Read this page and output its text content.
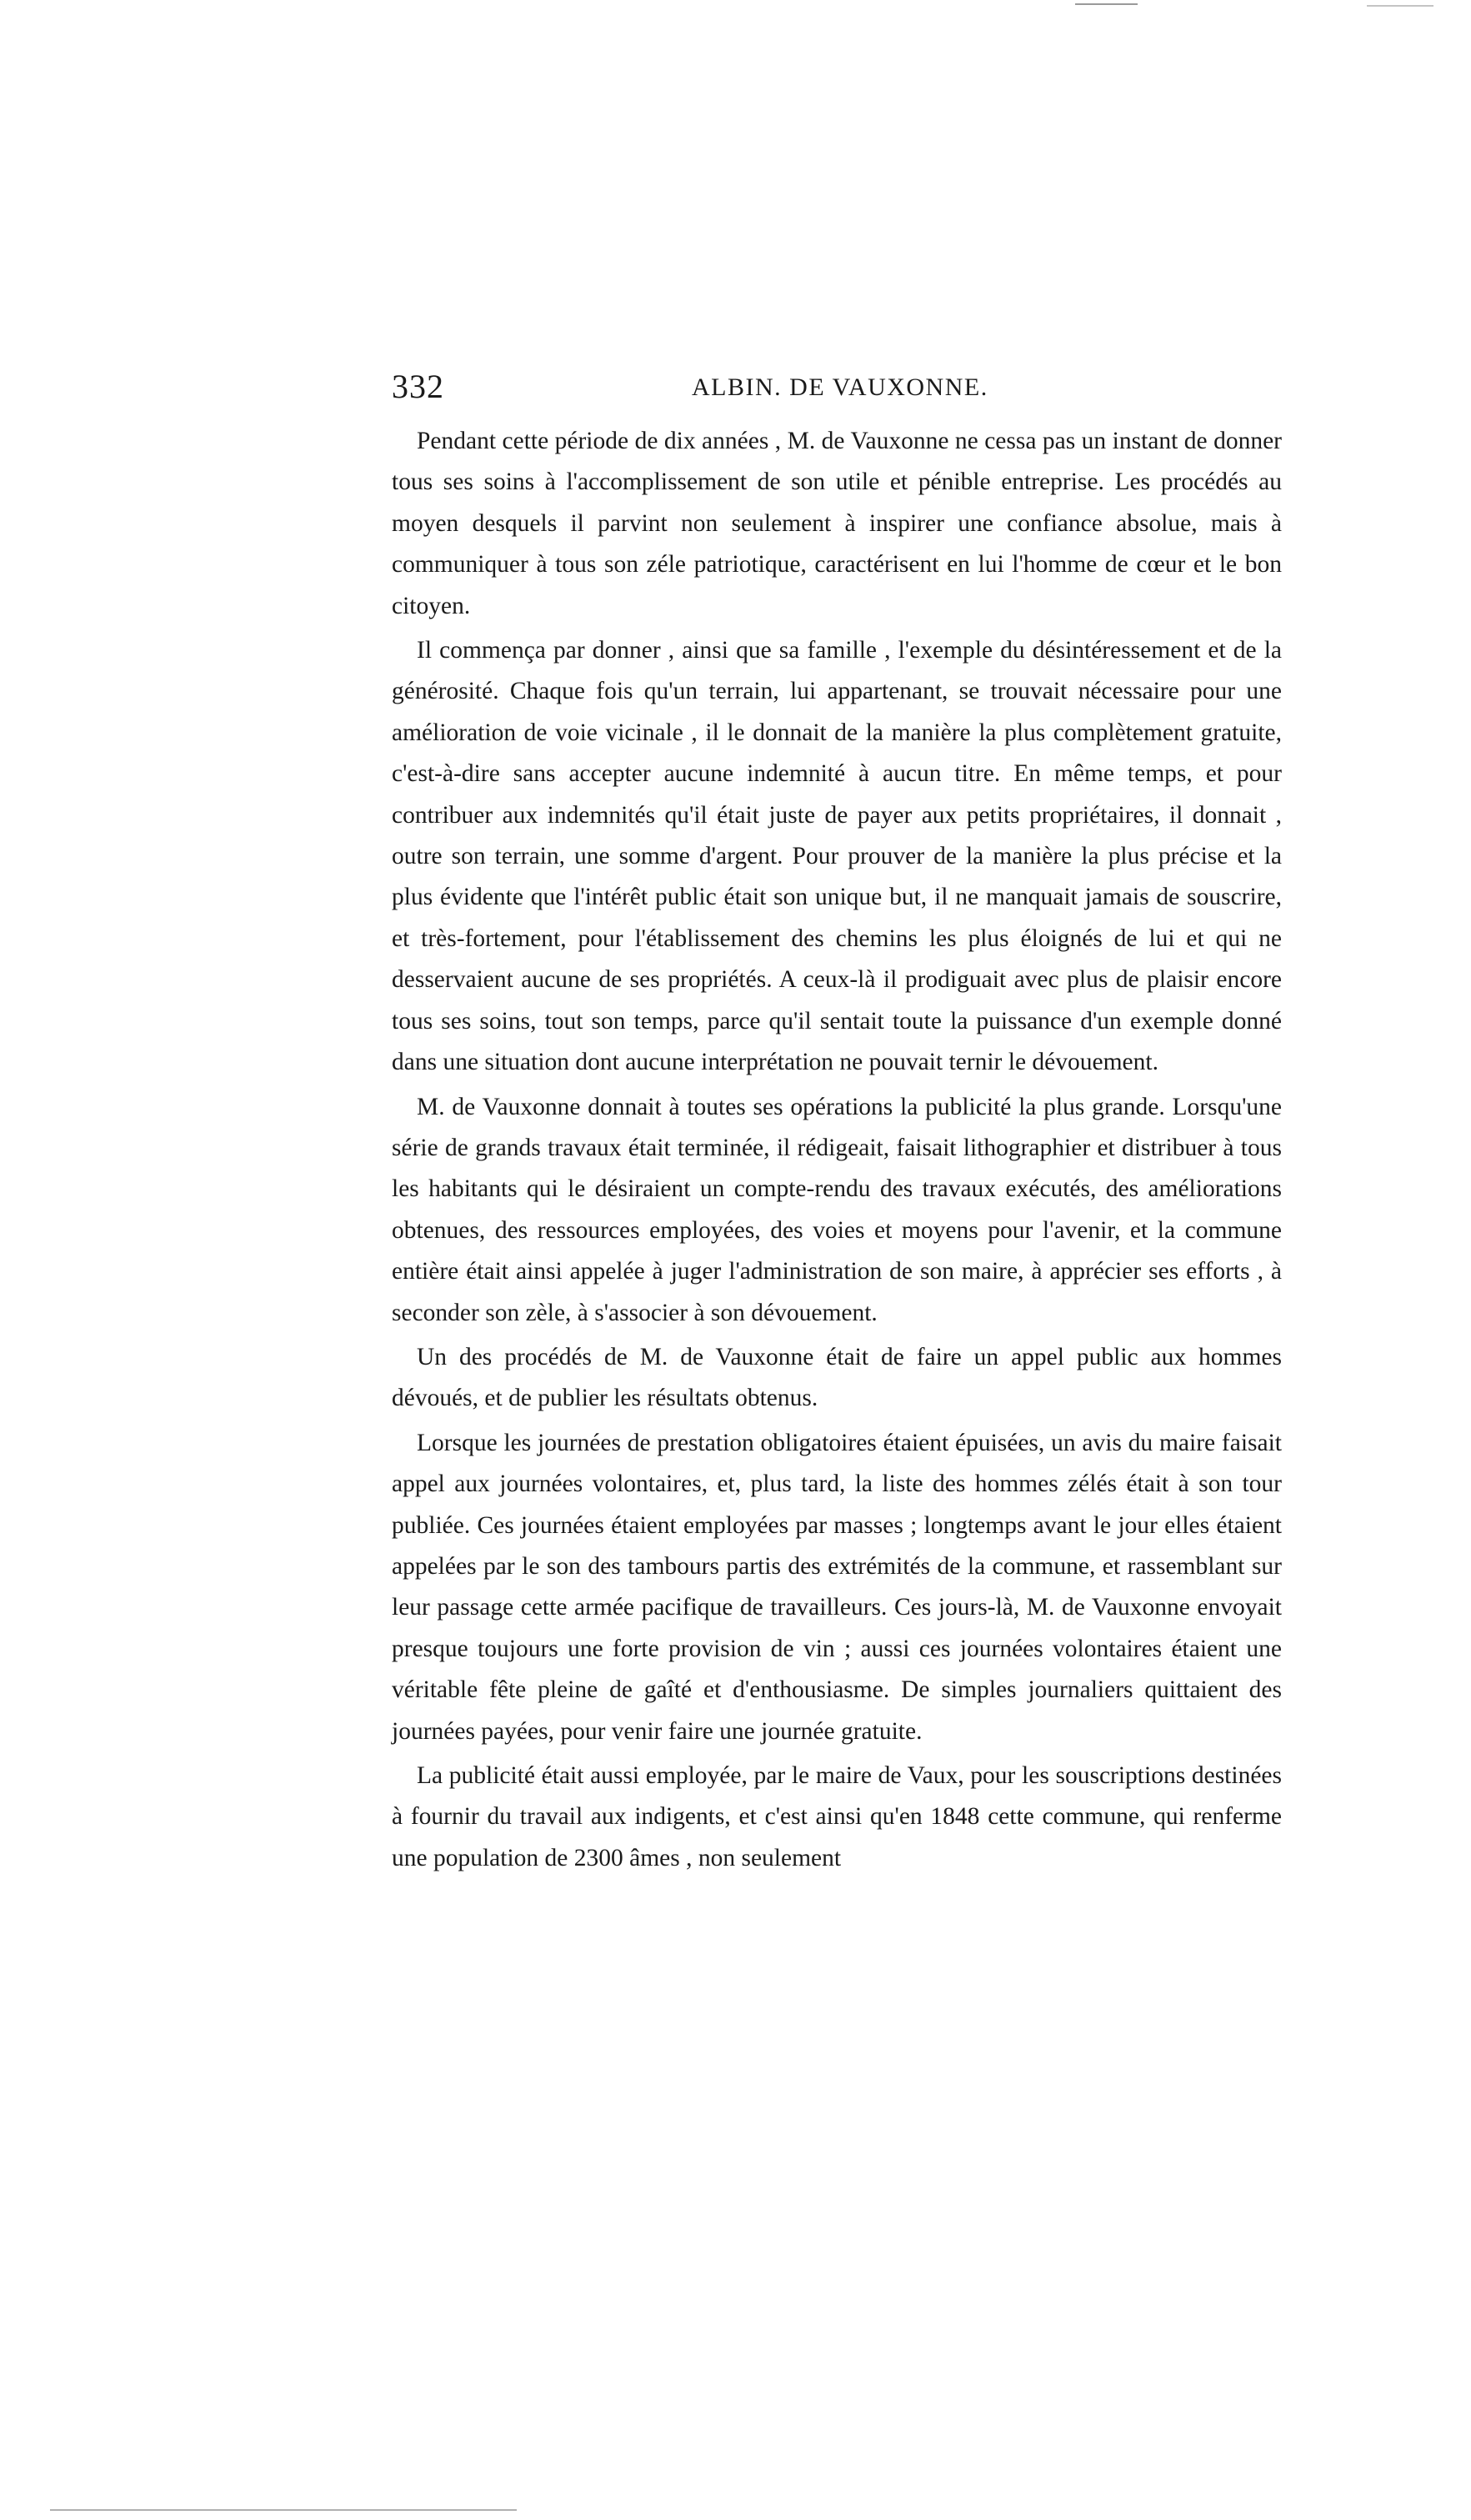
332	ALBIN. DE VAUXONNE.

Pendant cette période de dix années , M. de Vauxonne ne cessa pas un instant de donner tous ses soins à l'accomplissement de son utile et pénible entreprise. Les procédés au moyen desquels il parvint non seulement à inspirer une confiance absolue, mais à communiquer à tous son zéle patriotique, caractérisent en lui l'homme de cœur et le bon citoyen.

Il commença par donner , ainsi que sa famille , l'exemple du désintéressement et de la générosité. Chaque fois qu'un terrain, lui appartenant, se trouvait nécessaire pour une amélioration de voie vicinale , il le donnait de la manière la plus complètement gratuite, c'est-à-dire sans accepter aucune indemnité à aucun titre. En même temps, et pour contribuer aux indemnités qu'il était juste de payer aux petits propriétaires, il donnait , outre son terrain, une somme d'argent. Pour prouver de la manière la plus précise et la plus évidente que l'intérêt public était son unique but, il ne manquait jamais de souscrire, et très-fortement, pour l'établissement des chemins les plus éloignés de lui et qui ne desservaient aucune de ses propriétés. A ceux-là il prodiguait avec plus de plaisir encore tous ses soins, tout son temps, parce qu'il sentait toute la puissance d'un exemple donné dans une situation dont aucune interprétation ne pouvait ternir le dévouement.

M. de Vauxonne donnait à toutes ses opérations la publicité la plus grande. Lorsqu'une série de grands travaux était terminée, il rédigeait, faisait lithographier et distribuer à tous les habitants qui le désiraient un compte-rendu des travaux exécutés, des améliorations obtenues, des ressources employées, des voies et moyens pour l'avenir, et la commune entière était ainsi appelée à juger l'administration de son maire, à apprécier ses efforts , à seconder son zèle, à s'associer à son dévouement.

Un des procédés de M. de Vauxonne était de faire un appel public aux hommes dévoués, et de publier les résultats obtenus.

Lorsque les journées de prestation obligatoires étaient épuisées, un avis du maire faisait appel aux journées volontaires, et, plus tard, la liste des hommes zélés était à son tour publiée. Ces journées étaient employées par masses ; longtemps avant le jour elles étaient appelées par le son des tambours partis des extrémités de la commune, et rassemblant sur leur passage cette armée pacifique de travailleurs. Ces jours-là, M. de Vauxonne envoyait presque toujours une forte provision de vin ; aussi ces journées volontaires étaient une véritable fête pleine de gaîté et d'enthousiasme. De simples journaliers quittaient des journées payées, pour venir faire une journée gratuite.

La publicité était aussi employée, par le maire de Vaux, pour les souscriptions destinées à fournir du travail aux indigents, et c'est ainsi qu'en 1848 cette commune, qui renferme une population de 2300 âmes , non seulement
